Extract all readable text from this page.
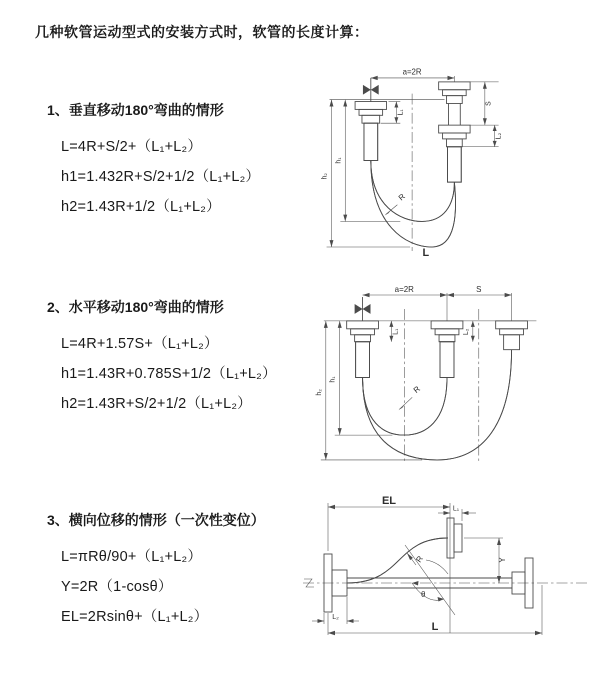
几种软管运动型式的安装方式时，软管的长度计算：
1、垂直移动180°弯曲的情形
L=4R+S/2+（L₁+L₂）
h1=1.432R+S/2+1/2（L₁+L₂）
h2=1.43R+1/2（L₁+L₂）
2、水平移动180°弯曲的情形
L=4R+1.57S+（L₁+L₂）
h1=1.43R+0.785S+1/2（L₁+L₂）
h2=1.43R+S/2+1/2（L₁+L₂）
3、横向位移的情形（一次性变位）
L=πRθ/90+（L₁+L₂）
Y=2R（1-cosθ）
EL=2Rsinθ+（L₁+L₂）
a=2R
L₁
S
L₂
R
h₁
h₂
L
a=2R	S
L₁	L₂
R
h₁
h₂
EL
L₁
Y
θ
R
L
L₂
